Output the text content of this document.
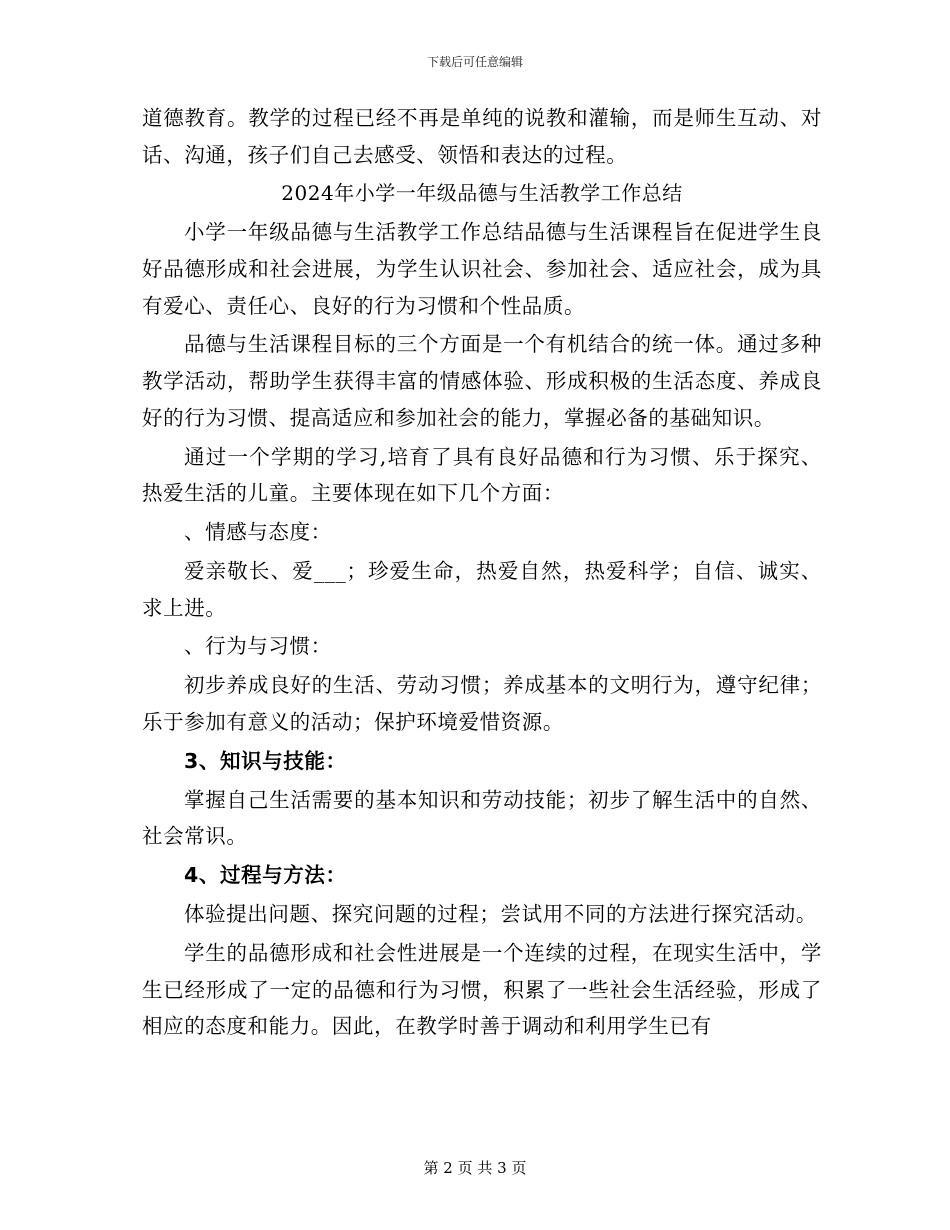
下载后可任意编辑

道德教育。教学的过程已经不再是单纯的说教和灌输，而是师生互动、对话、沟通，孩子们自己去感受、领悟和表达的过程。

2024年小学一年级品德与生活教学工作总结

小学一年级品德与生活教学工作总结品德与生活课程旨在促进学生良好品德形成和社会进展，为学生认识社会、参加社会、适应社会，成为具有爱心、责任心、良好的行为习惯和个性品质。

品德与生活课程目标的三个方面是一个有机结合的统一体。通过多种教学活动，帮助学生获得丰富的情感体验、形成积极的生活态度、养成良好的行为习惯、提高适应和参加社会的能力，掌握必备的基础知识。

通过一个学期的学习,培育了具有良好品德和行为习惯、乐于探究、热爱生活的儿童。主要体现在如下几个方面：

、情感与态度：

爱亲敬长、爱___；珍爱生命，热爱自然，热爱科学；自信、诚实、求上进。

、行为与习惯：

初步养成良好的生活、劳动习惯；养成基本的文明行为，遵守纪律；乐于参加有意义的活动；保护环境爱惜资源。

3、知识与技能：

掌握自己生活需要的基本知识和劳动技能；初步了解生活中的自然、社会常识。

4、过程与方法：

体验提出问题、探究问题的过程；尝试用不同的方法进行探究活动。

学生的品德形成和社会性进展是一个连续的过程，在现实生活中，学生已经形成了一定的品德和行为习惯，积累了一些社会生活经验，形成了相应的态度和能力。因此，在教学时善于调动和利用学生已有

第 2 页 共 3 页
